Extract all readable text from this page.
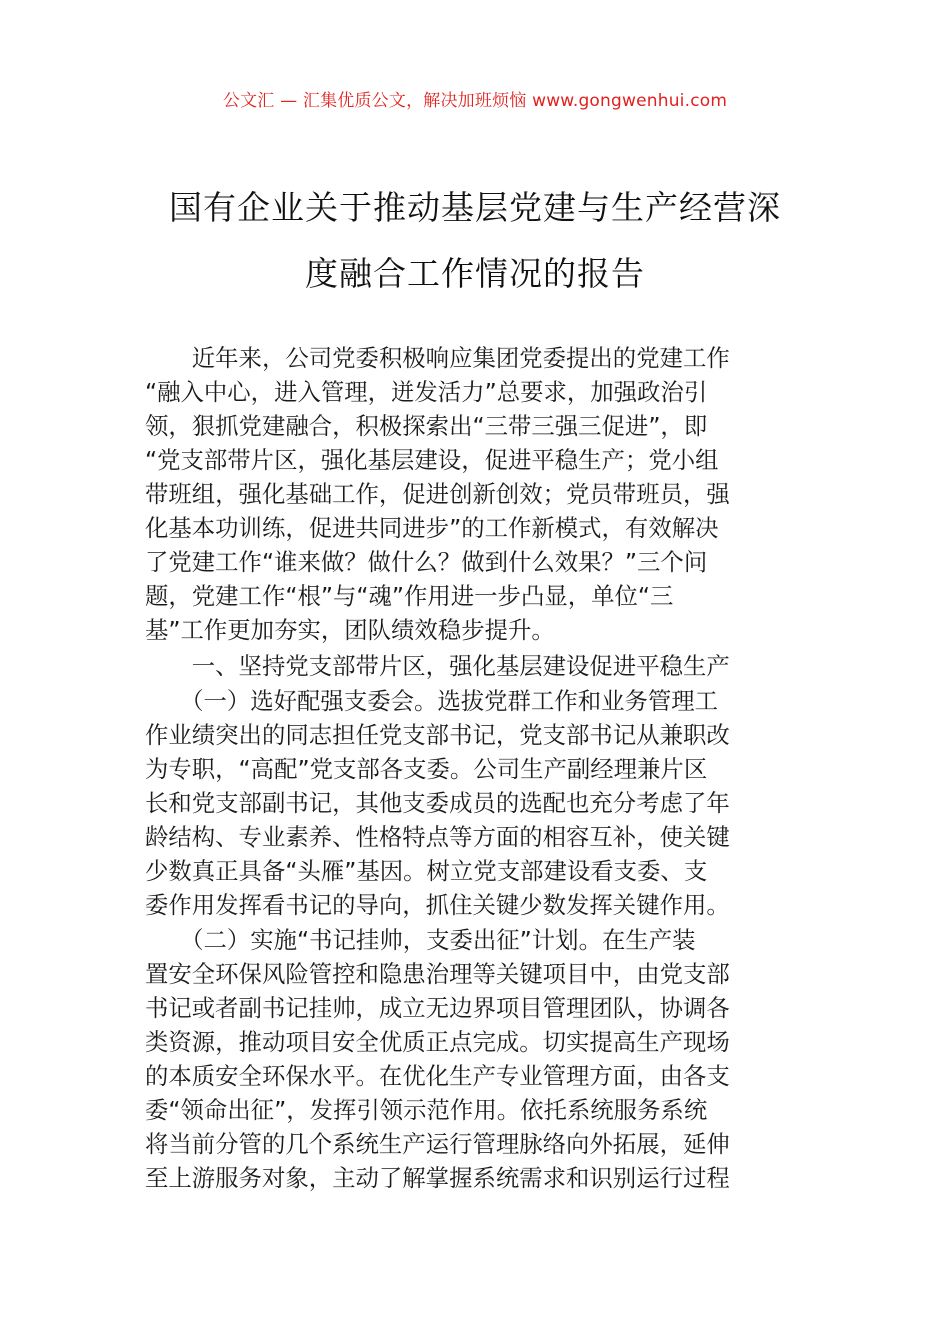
公文汇 — 汇集优质公文，解决加班烦恼 www.gongwenhui.com
国有企业关于推动基层党建与生产经营深
度融合工作情况的报告
　　近年来，公司党委积极响应集团党委提出的党建工作
“融入中心，进入管理，迸发活力”总要求，加强政治引
领，狠抓党建融合，积极探索出“三带三强三促进”，即
“党支部带片区，强化基层建设，促进平稳生产；党小组
带班组，强化基础工作，促进创新创效；党员带班员，强
化基本功训练，促进共同进步”的工作新模式，有效解决
了党建工作“谁来做？做什么？做到什么效果？”三个问
题，党建工作“根”与“魂”作用进一步凸显，单位“三
基”工作更加夯实，团队绩效稳步提升。
　　一、坚持党支部带片区，强化基层建设促进平稳生产
　　（一）选好配强支委会。选拔党群工作和业务管理工
作业绩突出的同志担任党支部书记，党支部书记从兼职改
为专职，“高配”党支部各支委。公司生产副经理兼片区
长和党支部副书记，其他支委成员的选配也充分考虑了年
龄结构、专业素养、性格特点等方面的相容互补，使关键
少数真正具备“头雁”基因。树立党支部建设看支委、支
委作用发挥看书记的导向，抓住关键少数发挥关键作用。
　　（二）实施“书记挂帅，支委出征”计划。在生产装
置安全环保风险管控和隐患治理等关键项目中，由党支部
书记或者副书记挂帅，成立无边界项目管理团队，协调各
类资源，推动项目安全优质正点完成。切实提高生产现场
的本质安全环保水平。在优化生产专业管理方面，由各支
委“领命出征”，发挥引领示范作用。依托系统服务系统
将当前分管的几个系统生产运行管理脉络向外拓展，延伸
至上游服务对象，主动了解掌握系统需求和识别运行过程
